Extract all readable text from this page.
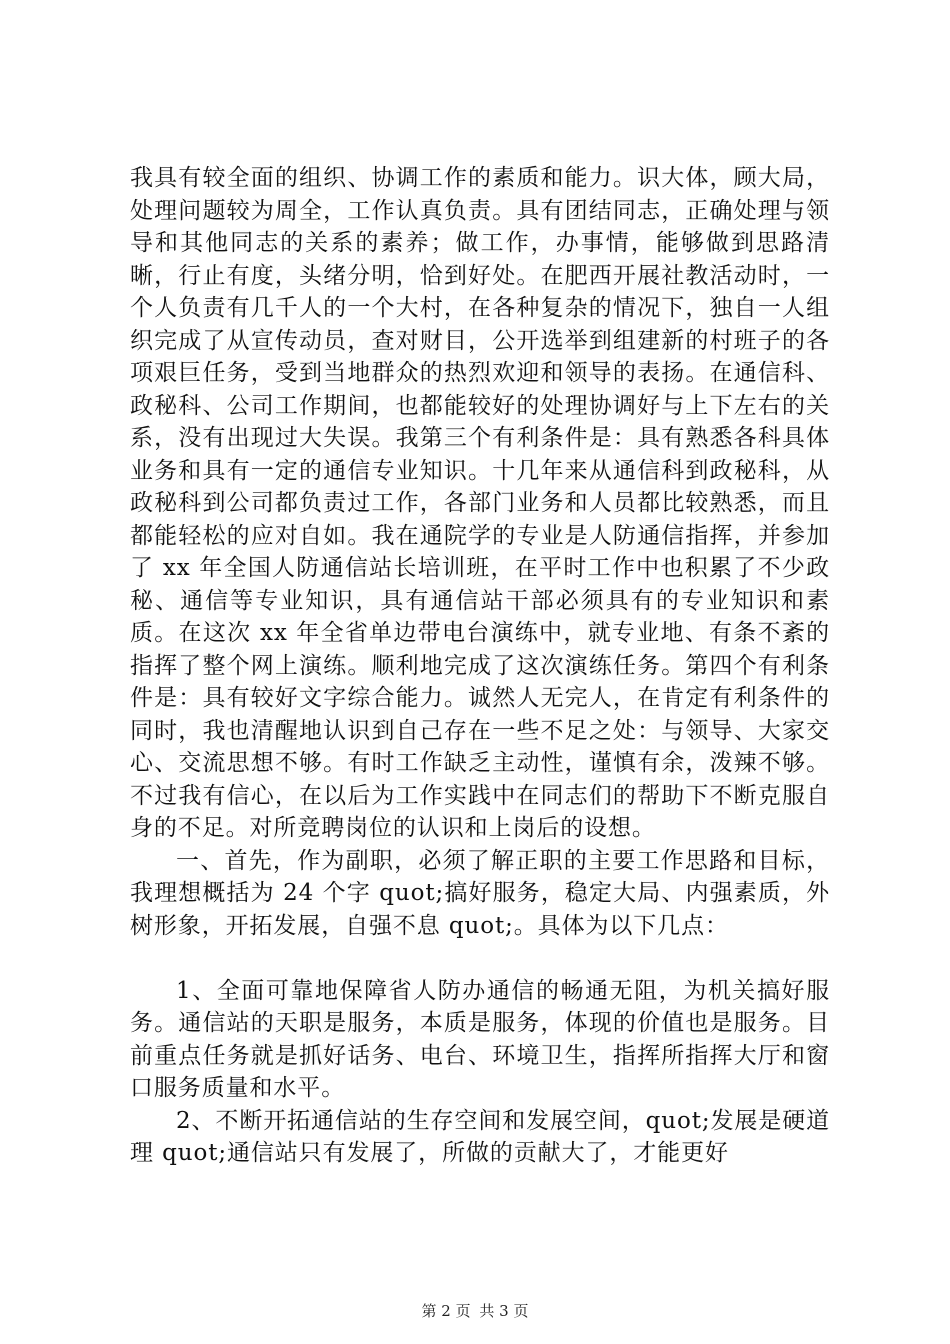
我具有较全面的组织、协调工作的素质和能力。识大体，顾大局，处理问题较为周全，工作认真负责。具有团结同志，正确处理与领导和其他同志的关系的素养；做工作，办事情，能够做到思路清晰，行止有度，头绪分明，恰到好处。在肥西开展社教活动时，一个人负责有几千人的一个大村，在各种复杂的情况下，独自一人组织完成了从宣传动员，查对财目，公开选举到组建新的村班子的各项艰巨任务，受到当地群众的热烈欢迎和领导的表扬。在通信科、政秘科、公司工作期间，也都能较好的处理协调好与上下左右的关系，没有出现过大失误。我第三个有利条件是：具有熟悉各科具体业务和具有一定的通信专业知识。十几年来从通信科到政秘科，从政秘科到公司都负责过工作，各部门业务和人员都比较熟悉，而且都能轻松的应对自如。我在通院学的专业是人防通信指挥，并参加了 xx 年全国人防通信站长培训班，在平时工作中也积累了不少政秘、通信等专业知识，具有通信站干部必须具有的专业知识和素质。在这次 xx 年全省单边带电台演练中，就专业地、有条不紊的指挥了整个网上演练。顺利地完成了这次演练任务。第四个有利条件是：具有较好文字综合能力。诚然人无完人，在肯定有利条件的同时，我也清醒地认识到自己存在一些不足之处：与领导、大家交心、交流思想不够。有时工作缺乏主动性，谨慎有余，泼辣不够。不过我有信心，在以后为工作实践中在同志们的帮助下不断克服自身的不足。对所竞聘岗位的认识和上岗后的设想。

一、首先，作为副职，必须了解正职的主要工作思路和目标，我理想概括为 24 个字 quot;搞好服务，稳定大局、内强素质，外树形象，开拓发展，自强不息 quot;。具体为以下几点：

1、全面可靠地保障省人防办通信的畅通无阻，为机关搞好服务。通信站的天职是服务，本质是服务，体现的价值也是服务。目前重点任务就是抓好话务、电台、环境卫生，指挥所指挥大厅和窗口服务质量和水平。

2、不断开拓通信站的生存空间和发展空间，quot;发展是硬道理 quot;通信站只有发展了，所做的贡献大了，才能更好

第 2 页 共 3 页
